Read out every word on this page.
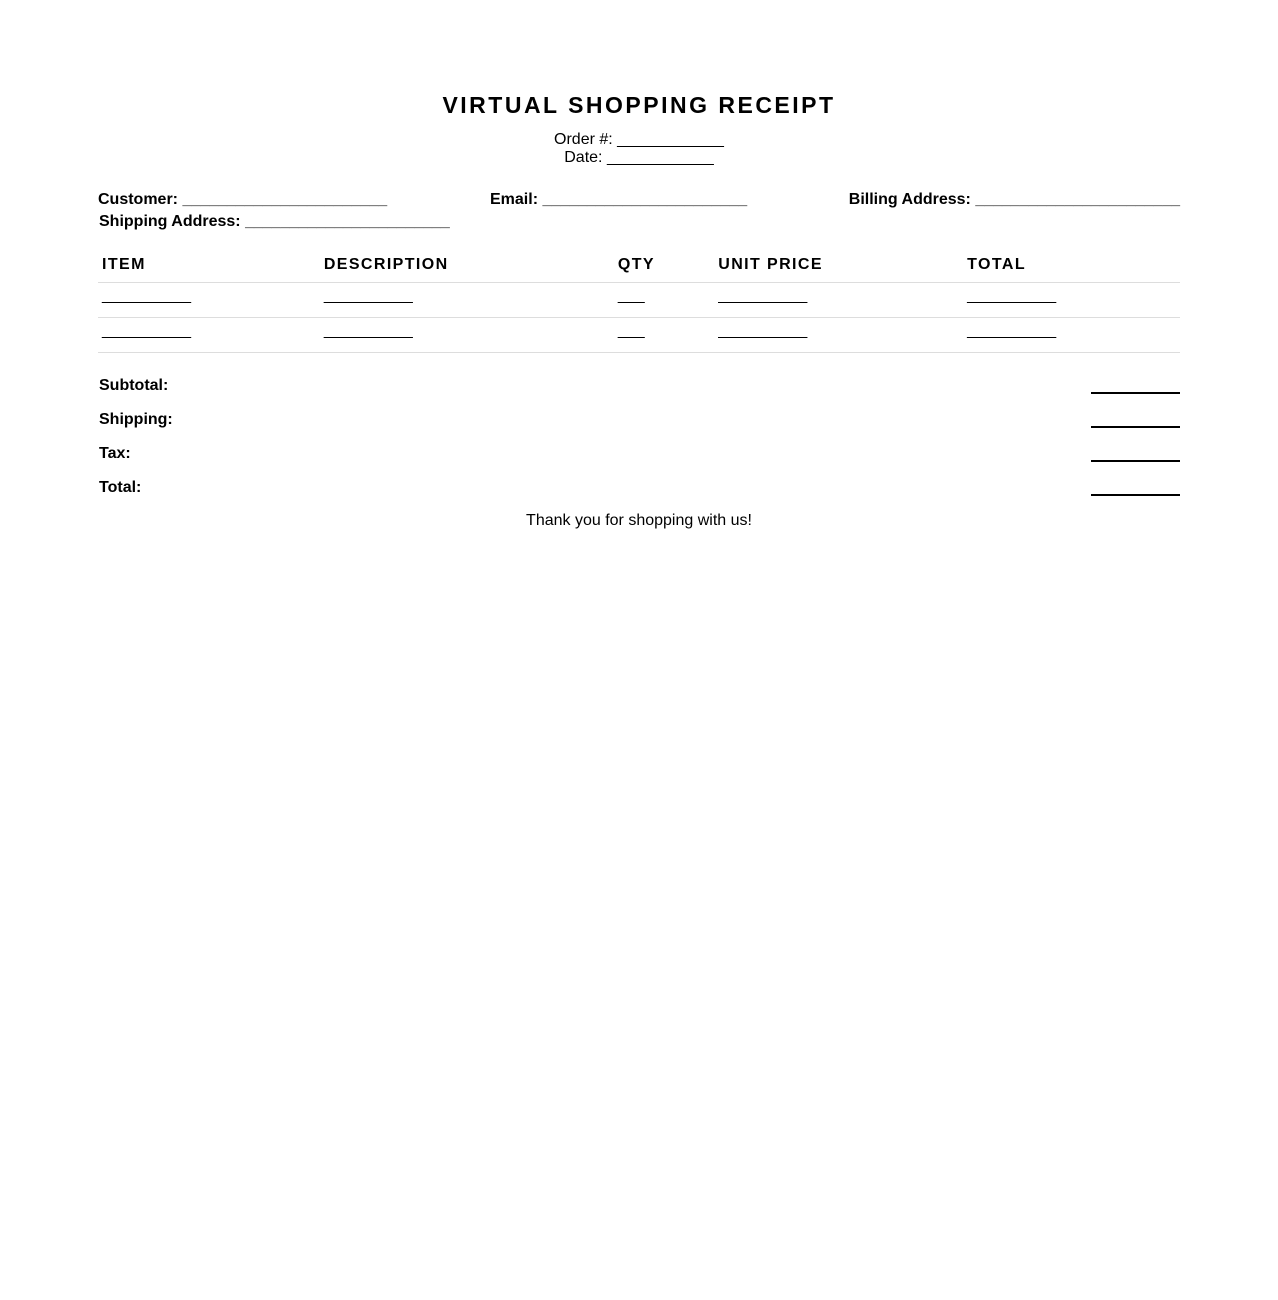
VIRTUAL SHOPPING RECEIPT
Order #: ____________
Date: ____________
Customer: _______________________	Email: _______________________	Billing Address: _______________________
Shipping Address: _______________________
ITEM	DESCRIPTION	QTY	UNIT PRICE	TOTAL
__________	__________	___	__________	__________
__________	__________	___	__________	__________
Subtotal:
Shipping:
Tax:
Total:
Thank you for shopping with us!
